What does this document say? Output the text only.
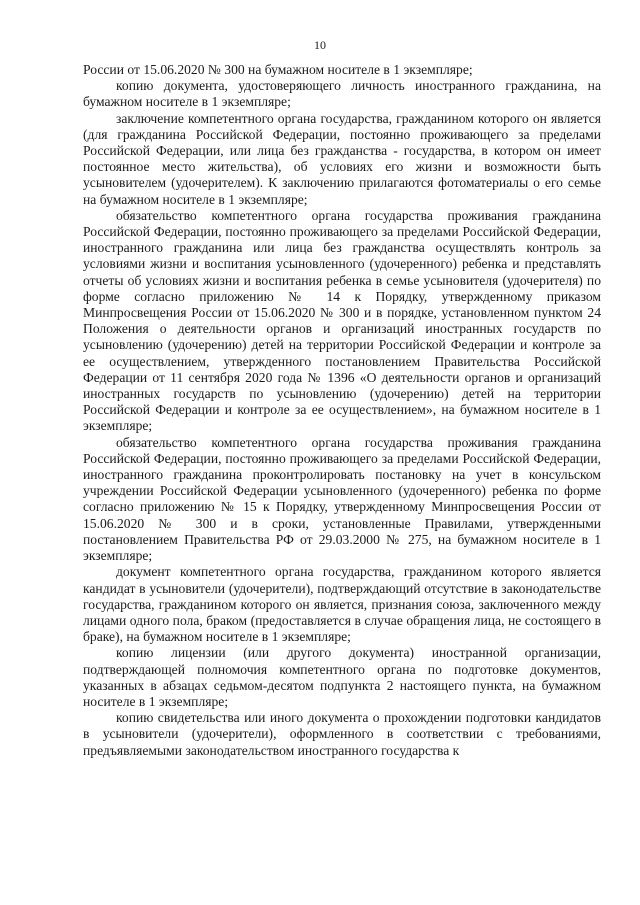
10

России от 15.06.2020 № 300 на бумажном носителе в 1 экземпляре;

копию документа, удостоверяющего личность иностранного гражданина, на бумажном носителе в 1 экземпляре;

заключение компетентного органа государства, гражданином которого он является (для гражданина Российской Федерации, постоянно проживающего за пределами Российской Федерации, или лица без гражданства - государства, в котором он имеет постоянное место жительства), об условиях его жизни и возможности быть усыновителем (удочерителем). К заключению прилагаются фотоматериалы о его семье на бумажном носителе в 1 экземпляре;

обязательство компетентного органа государства проживания гражданина Российской Федерации, постоянно проживающего за пределами Российской Федерации, иностранного гражданина или лица без гражданства осуществлять контроль за условиями жизни и воспитания усыновленного (удочеренного) ребенка и представлять отчеты об условиях жизни и воспитания ребенка в семье усыновителя (удочерителя) по форме согласно приложению № 14 к Порядку, утвержденному приказом Минпросвещения России от 15.06.2020 № 300 и в порядке, установленном пунктом 24 Положения о деятельности органов и организаций иностранных государств по усыновлению (удочерению) детей на территории Российской Федерации и контроле за ее осуществлением, утвержденного постановлением Правительства Российской Федерации от 11 сентября 2020 года № 1396 «О деятельности органов и организаций иностранных государств по усыновлению (удочерению) детей на территории Российской Федерации и контроле за ее осуществлением», на бумажном носителе в 1 экземпляре;

обязательство компетентного органа государства проживания гражданина Российской Федерации, постоянно проживающего за пределами Российской Федерации, иностранного гражданина проконтролировать постановку на учет в консульском учреждении Российской Федерации усыновленного (удочеренного) ребенка по форме согласно приложению № 15 к Порядку, утвержденному Минпросвещения России от 15.06.2020 № 300 и в сроки, установленные Правилами, утвержденными постановлением Правительства РФ от 29.03.2000 № 275, на бумажном носителе в 1 экземпляре;

документ компетентного органа государства, гражданином которого является кандидат в усыновители (удочерители), подтверждающий отсутствие в законодательстве государства, гражданином которого он является, признания союза, заключенного между лицами одного пола, браком (предоставляется в случае обращения лица, не состоящего в браке), на бумажном носителе в 1 экземпляре;

копию лицензии (или другого документа) иностранной организации, подтверждающей полномочия компетентного органа по подготовке документов, указанных в абзацах седьмом-десятом подпункта 2 настоящего пункта, на бумажном носителе в 1 экземпляре;

копию свидетельства или иного документа о прохождении подготовки кандидатов в усыновители (удочерители), оформленного в соответствии с требованиями, предъявляемыми законодательством иностранного государства к
